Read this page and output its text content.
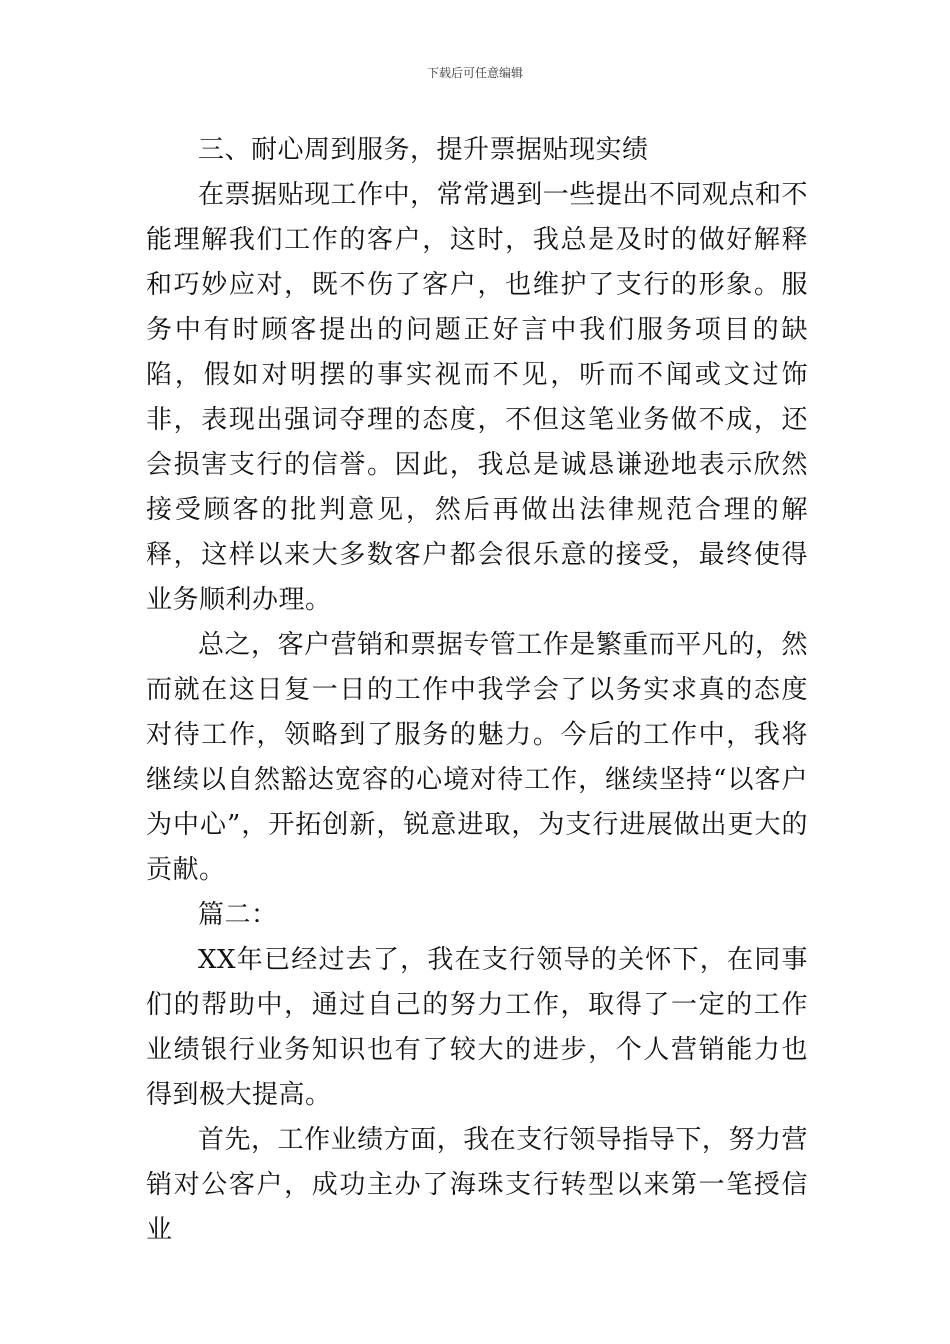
下载后可任意编辑

三、耐心周到服务，提升票据贴现实绩

在票据贴现工作中，常常遇到一些提出不同观点和不能理解我们工作的客户，这时，我总是及时的做好解释和巧妙应对，既不伤了客户，也维护了支行的形象。服务中有时顾客提出的问题正好言中我们服务项目的缺陷，假如对明摆的事实视而不见，听而不闻或文过饰非，表现出强词夺理的态度，不但这笔业务做不成，还会损害支行的信誉。因此，我总是诚恳谦逊地表示欣然接受顾客的批判意见，然后再做出法律规范合理的解释，这样以来大多数客户都会很乐意的接受，最终使得业务顺利办理。

总之，客户营销和票据专管工作是繁重而平凡的，然而就在这日复一日的工作中我学会了以务实求真的态度对待工作，领略到了服务的魅力。今后的工作中，我将继续以自然豁达宽容的心境对待工作，继续坚持“以客户为中心”，开拓创新，锐意进取，为支行进展做出更大的贡献。

篇二：

XX年已经过去了，我在支行领导的关怀下，在同事们的帮助中，通过自己的努力工作，取得了一定的工作业绩银行业务知识也有了较大的进步，个人营销能力也得到极大提高。

首先，工作业绩方面，我在支行领导指导下，努力营销对公客户，成功主办了海珠支行转型以来第一笔授信业
